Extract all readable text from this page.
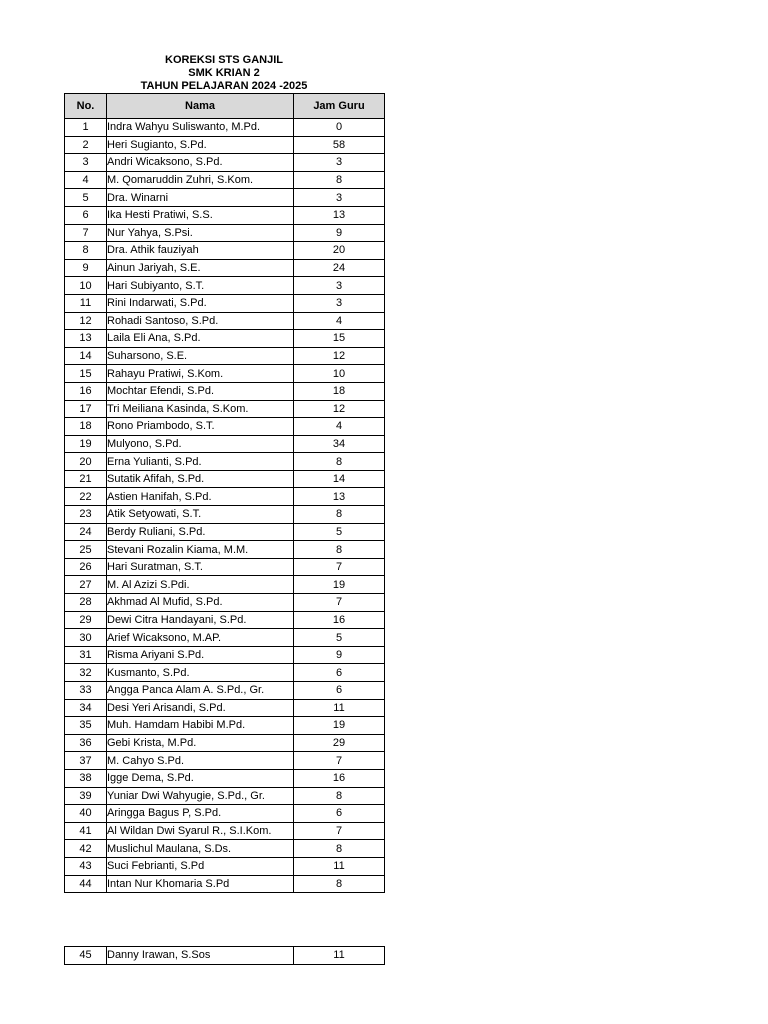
KOREKSI STS GANJIL
SMK KRIAN 2
TAHUN PELAJARAN 2024 -2025
No.	Nama	Jam Guru
1	Indra Wahyu Suliswanto, M.Pd.	0
2	Heri Sugianto, S.Pd.	58
3	Andri Wicaksono, S.Pd.	3
4	M. Qomaruddin Zuhri, S.Kom.	8
5	Dra. Winarni	3
6	Ika Hesti Pratiwi, S.S.	13
7	Nur Yahya, S.Psi.	9
8	Dra. Athik fauziyah	20
9	Ainun Jariyah, S.E.	24
10	Hari Subiyanto, S.T.	3
11	Rini Indarwati, S.Pd.	3
12	Rohadi Santoso, S.Pd.	4
13	Laila Eli Ana, S.Pd.	15
14	Suharsono, S.E.	12
15	Rahayu Pratiwi, S.Kom.	10
16	Mochtar Efendi, S.Pd.	18
17	Tri Meiliana Kasinda, S.Kom.	12
18	Rono Priambodo, S.T.	4
19	Mulyono, S.Pd.	34
20	Erna Yulianti, S.Pd.	8
21	Sutatik Afifah, S.Pd.	14
22	Astien Hanifah, S.Pd.	13
23	Atik Setyowati, S.T.	8
24	Berdy Ruliani, S.Pd.	5
25	Stevani Rozalin Kiama, M.M.	8
26	Hari Suratman, S.T.	7
27	M. Al Azizi S.Pdi.	19
28	Akhmad Al Mufid, S.Pd.	7
29	Dewi Citra Handayani, S.Pd.	16
30	Arief Wicaksono, M.AP.	5
31	Risma Ariyani S.Pd.	9
32	Kusmanto, S.Pd.	6
33	Angga Panca Alam A. S.Pd., Gr.	6
34	Desi Yeri Arisandi, S.Pd.	11
35	Muh. Hamdam Habibi M.Pd.	19
36	Gebi Krista, M.Pd.	29
37	M. Cahyo S.Pd.	7
38	Igge Dema, S.Pd.	16
39	Yuniar Dwi Wahyugie, S.Pd., Gr.	8
40	Aringga Bagus P, S.Pd.	6
41	Al Wildan Dwi Syarul R., S.I.Kom.	7
42	Muslichul Maulana, S.Ds.	8
43	Suci Febrianti, S.Pd	11
44	Intan Nur Khomaria S.Pd	8
45	Danny Irawan, S.Sos	11
